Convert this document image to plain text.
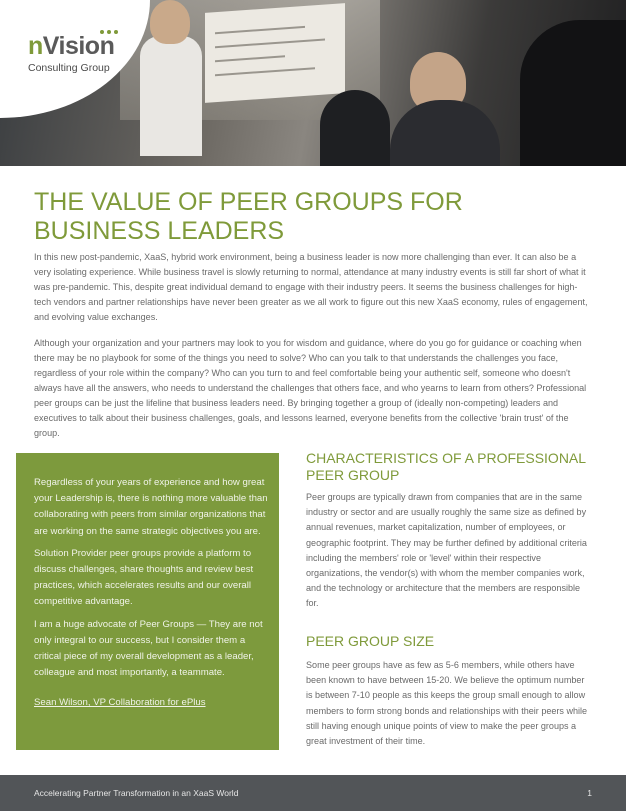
nVision
Consulting Group
THE VALUE OF PEER GROUPS FOR BUSINESS LEADERS

In this new post-pandemic, XaaS, hybrid work environment, being a business leader is now more challenging than ever. It can also be a very isolating experience. While business travel is slowly returning to normal, attendance at many industry events is still far short of what it was pre-pandemic. This, despite great individual demand to engage with their industry peers. It seems the business challenges for high-tech vendors and partner relationships have never been greater as we all work to figure out this new XaaS economy, rules of engagement, and evolving value exchanges.

Although your organization and your partners may look to you for wisdom and guidance, where do you go for guidance or coaching when there may be no playbook for some of the things you need to solve? Who can you talk to that understands the challenges you face, regardless of your role within the company? Who can you turn to and feel comfortable being your authentic self, someone who doesn't always have all the answers, who needs to understand the challenges that others face, and who yearns to learn from others? Professional peer groups can be just the lifeline that business leaders need. By bringing together a group of (ideally non-competing) leaders and executives to talk about their business challenges, goals, and lessons learned, everyone benefits from the collective 'brain trust' of the group.

Regardless of your years of experience and how great your Leadership is, there is nothing more valuable than collaborating with peers from similar organizations that are working on the same strategic objectives you are.

Solution Provider peer groups provide a platform to discuss challenges, share thoughts and review best practices, which accelerates results and our overall competitive advantage.

I am a huge advocate of Peer Groups — They are not only integral to our success, but I consider them a critical piece of my overall development as a leader, colleague and most importantly, a teammate.

Sean Wilson, VP Collaboration for ePlus

CHARACTERISTICS OF A PROFESSIONAL PEER GROUP

Peer groups are typically drawn from companies that are in the same industry or sector and are usually roughly the same size as defined by annual revenues, market capitalization, number of employees, or geographic footprint. They may be further defined by additional criteria including the members' role or 'level' within their respective organizations, the vendor(s) with whom the member companies work, and the technology or architecture that the members are responsible for.

PEER GROUP SIZE

Some peer groups have as few as 5-6 members, while others have been known to have between 15-20. We believe the optimum number is between 7-10 people as this keeps the group small enough to allow members to form strong bonds and relationships with their peers while still having enough unique points of view to make the peer groups a great investment of their time.

Accelerating Partner Transformation in an XaaS World	1
